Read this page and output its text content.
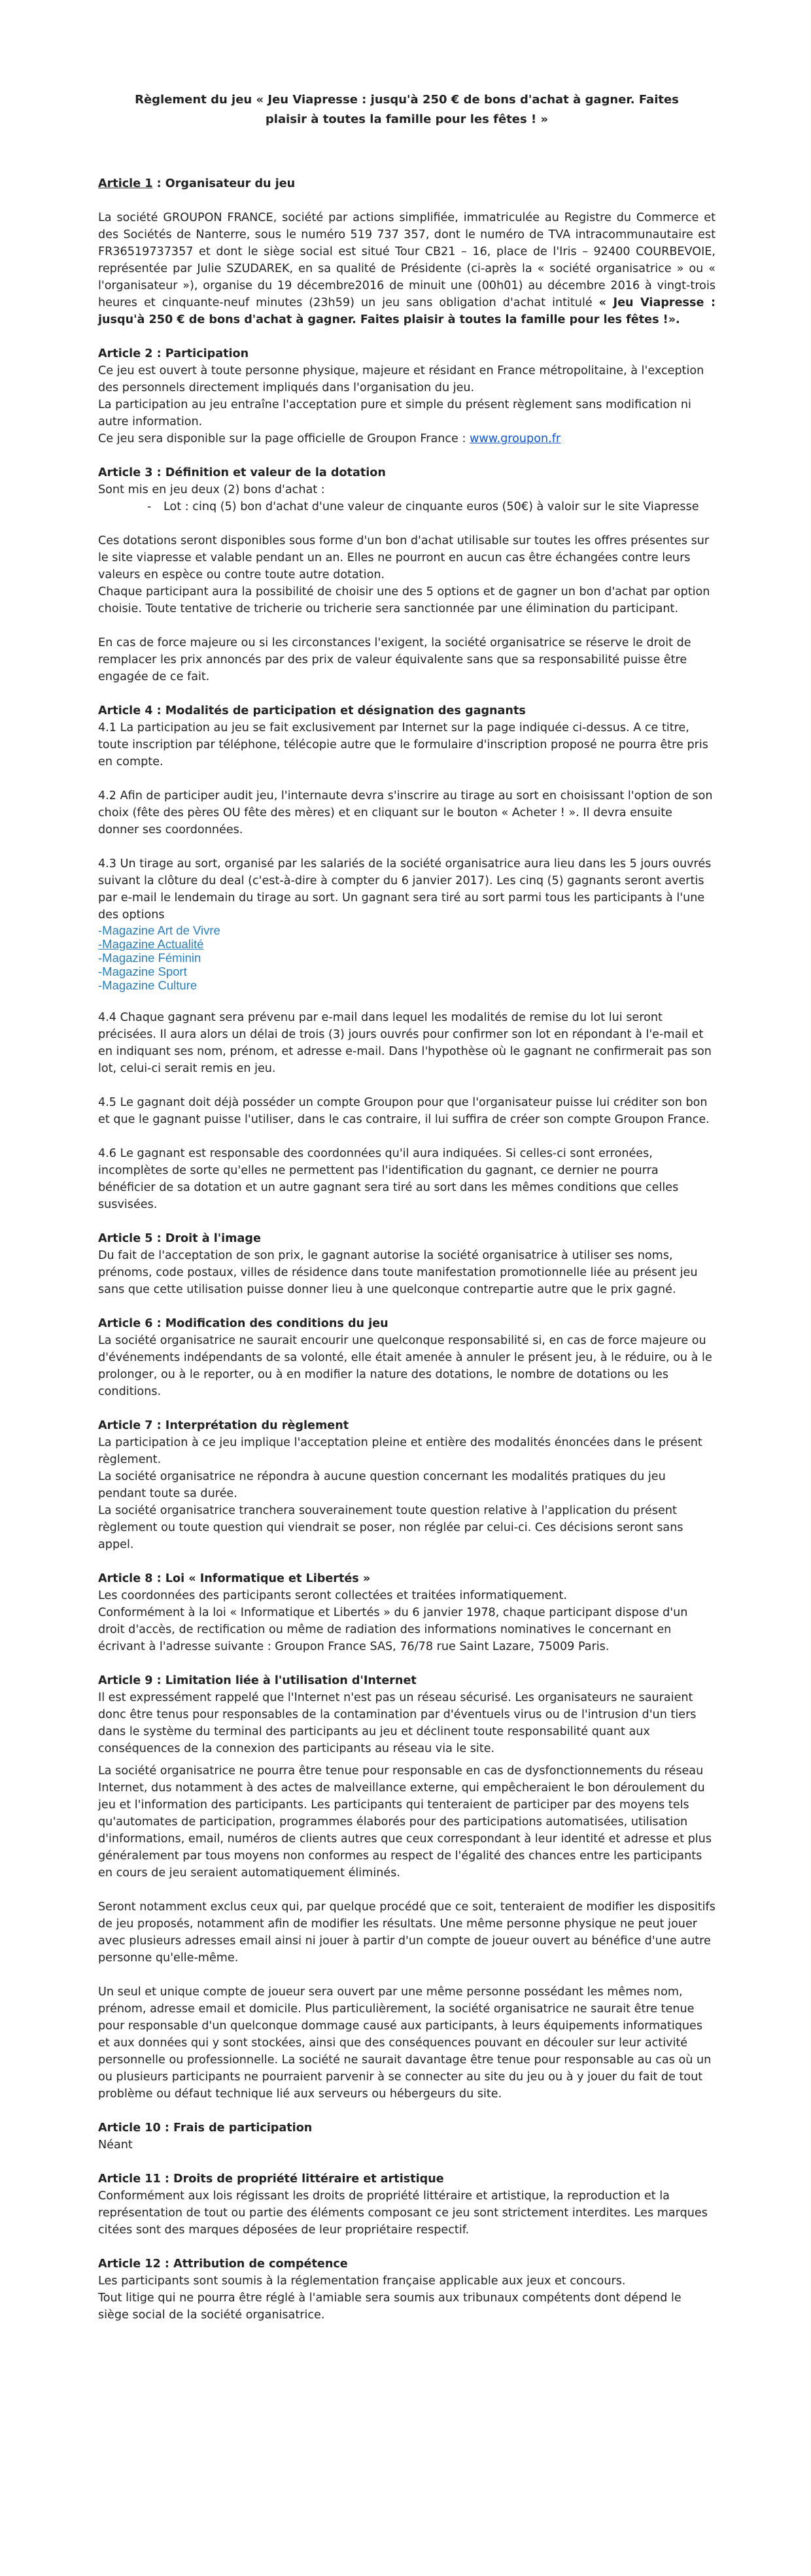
Règlement du jeu « Jeu Viapresse : jusqu'à 250 € de bons d'achat à gagner. Faites plaisir à toutes la famille pour les fêtes ! »

Article 1 : Organisateur du jeu

La société GROUPON FRANCE, société par actions simplifiée, immatriculée au Registre du Commerce et des Sociétés de Nanterre, sous le numéro 519 737 357, dont le numéro de TVA intracommunautaire est FR36519737357 et dont le siège social est situé Tour CB21 – 16, place de l'Iris – 92400 COURBEVOIE, représentée par Julie SZUDAREK, en sa qualité de Présidente (ci-après la « société organisatrice » ou « l'organisateur »), organise du 19 décembre2016 de minuit une (00h01) au décembre 2016 à vingt-trois heures et cinquante-neuf minutes (23h59) un jeu sans obligation d'achat intitulé « Jeu Viapresse : jusqu'à 250 € de bons d'achat à gagner. Faites plaisir à toutes la famille pour les fêtes !».

Article 2 : Participation

Ce jeu est ouvert à toute personne physique, majeure et résidant en France métropolitaine, à l'exception des personnels directement impliqués dans l'organisation du jeu.

La participation au jeu entraîne l'acceptation pure et simple du présent règlement sans modification ni autre information.

Ce jeu sera disponible sur la page officielle de Groupon France : www.groupon.fr

Article 3 : Définition et valeur de la dotation

Sont mis en jeu deux (2) bons d'achat :

-	Lot : cinq (5) bon d'achat d'une valeur de cinquante euros (50€) à valoir sur le site Viapresse

Ces dotations seront disponibles sous forme d'un bon d'achat utilisable sur toutes les offres présentes sur le site viapresse et valable pendant un an. Elles ne pourront en aucun cas être échangées contre leurs valeurs en espèce ou contre toute autre dotation.

Chaque participant aura la possibilité de choisir une des 5 options et de gagner un bon d'achat par option choisie. Toute tentative de tricherie ou tricherie sera sanctionnée par une élimination du participant.

En cas de force majeure ou si les circonstances l'exigent, la société organisatrice se réserve le droit de remplacer les prix annoncés par des prix de valeur équivalente sans que sa responsabilité puisse être engagée de ce fait.

Article 4 : Modalités de participation et désignation des gagnants

4.1 La participation au jeu se fait exclusivement par Internet sur la page indiquée ci-dessus. A ce titre, toute inscription par téléphone, télécopie autre que le formulaire d'inscription proposé ne pourra être pris en compte.

4.2 Afin de participer audit jeu, l'internaute devra s'inscrire au tirage au sort en choisissant l'option de son choix (fête des pères OU fête des mères) et en cliquant sur le bouton « Acheter ! ». Il devra ensuite donner ses coordonnées.

4.3 Un tirage au sort, organisé par les salariés de la société organisatrice aura lieu dans les 5 jours ouvrés suivant la clôture du deal (c'est-à-dire à compter du 6 janvier 2017). Les cinq (5) gagnants seront avertis par e-mail le lendemain du tirage au sort. Un gagnant sera tiré au sort parmi tous les participants à l'une des options

-Magazine Art de Vivre
-Magazine Actualité
-Magazine Féminin
-Magazine Sport
-Magazine Culture

4.4 Chaque gagnant sera prévenu par e-mail dans lequel les modalités de remise du lot lui seront précisées. Il aura alors un délai de trois (3) jours ouvrés pour confirmer son lot en répondant à l'e-mail et en indiquant ses nom, prénom, et adresse e-mail. Dans l'hypothèse où le gagnant ne confirmerait pas son lot, celui-ci serait remis en jeu.

4.5 Le gagnant doit déjà posséder un compte Groupon pour que l'organisateur puisse lui créditer son bon et que le gagnant puisse l'utiliser, dans le cas contraire, il lui suffira de créer son compte Groupon France.

4.6 Le gagnant est responsable des coordonnées qu'il aura indiquées. Si celles-ci sont erronées, incomplètes de sorte qu'elles ne permettent pas l'identification du gagnant, ce dernier ne pourra bénéficier de sa dotation et un autre gagnant sera tiré au sort dans les mêmes conditions que celles susvisées.

Article 5 : Droit à l'image

Du fait de l'acceptation de son prix, le gagnant autorise la société organisatrice à utiliser ses noms, prénoms, code postaux, villes de résidence dans toute manifestation promotionnelle liée au présent jeu sans que cette utilisation puisse donner lieu à une quelconque contrepartie autre que le prix gagné.

Article 6 : Modification des conditions du jeu

La société organisatrice ne saurait encourir une quelconque responsabilité si, en cas de force majeure ou d'événements indépendants de sa volonté, elle était amenée à annuler le présent jeu, à le réduire, ou à le prolonger, ou à le reporter, ou à en modifier la nature des dotations, le nombre de dotations ou les conditions.

Article 7 : Interprétation du règlement

La participation à ce jeu implique l'acceptation pleine et entière des modalités énoncées dans le présent règlement.

La société organisatrice ne répondra à aucune question concernant les modalités pratiques du jeu pendant toute sa durée.

La société organisatrice tranchera souverainement toute question relative à l'application du présent règlement ou toute question qui viendrait se poser, non réglée par celui-ci. Ces décisions seront sans appel.

Article 8 : Loi « Informatique et Libertés »

Les coordonnées des participants seront collectées et traitées informatiquement.

Conformément à la loi « Informatique et Libertés » du 6 janvier 1978, chaque participant dispose d'un droit d'accès, de rectification ou même de radiation des informations nominatives le concernant en écrivant à l'adresse suivante : Groupon France SAS, 76/78 rue Saint Lazare, 75009 Paris.

Article 9 : Limitation liée à l'utilisation d'Internet

Il est expressément rappelé que l'Internet n'est pas un réseau sécurisé. Les organisateurs ne sauraient donc être tenus pour responsables de la contamination par d'éventuels virus ou de l'intrusion d'un tiers dans le système du terminal des participants au jeu et déclinent toute responsabilité quant aux conséquences de la connexion des participants au réseau via le site.

La société organisatrice ne pourra être tenue pour responsable en cas de dysfonctionnements du réseau Internet, dus notamment à des actes de malveillance externe, qui empêcheraient le bon déroulement du jeu et l'information des participants. Les participants qui tenteraient de participer par des moyens tels qu'automates de participation, programmes élaborés pour des participations automatisées, utilisation d'informations, email, numéros de clients autres que ceux correspondant à leur identité et adresse et plus généralement par tous moyens non conformes au respect de l'égalité des chances entre les participants en cours de jeu seraient automatiquement éliminés.

Seront notamment exclus ceux qui, par quelque procédé que ce soit, tenteraient de modifier les dispositifs de jeu proposés, notamment afin de modifier les résultats. Une même personne physique ne peut jouer avec plusieurs adresses email ainsi ni jouer à partir d'un compte de joueur ouvert au bénéfice d'une autre personne qu'elle-même.

Un seul et unique compte de joueur sera ouvert par une même personne possédant les mêmes nom, prénom, adresse email et domicile. Plus particulièrement, la société organisatrice ne saurait être tenue pour responsable d'un quelconque dommage causé aux participants, à leurs équipements informatiques et aux données qui y sont stockées, ainsi que des conséquences pouvant en découler sur leur activité personnelle ou professionnelle. La société ne saurait davantage être tenue pour responsable au cas où un ou plusieurs participants ne pourraient parvenir à se connecter au site du jeu ou à y jouer du fait de tout problème ou défaut technique lié aux serveurs ou hébergeurs du site.

Article 10 : Frais de participation

Néant

Article 11 : Droits de propriété littéraire et artistique

Conformément aux lois régissant les droits de propriété littéraire et artistique, la reproduction et la représentation de tout ou partie des éléments composant ce jeu sont strictement interdites. Les marques citées sont des marques déposées de leur propriétaire respectif.

Article 12 : Attribution de compétence

Les participants sont soumis à la réglementation française applicable aux jeux et concours.

Tout litige qui ne pourra être réglé à l'amiable sera soumis aux tribunaux compétents dont dépend le siège social de la société organisatrice.
